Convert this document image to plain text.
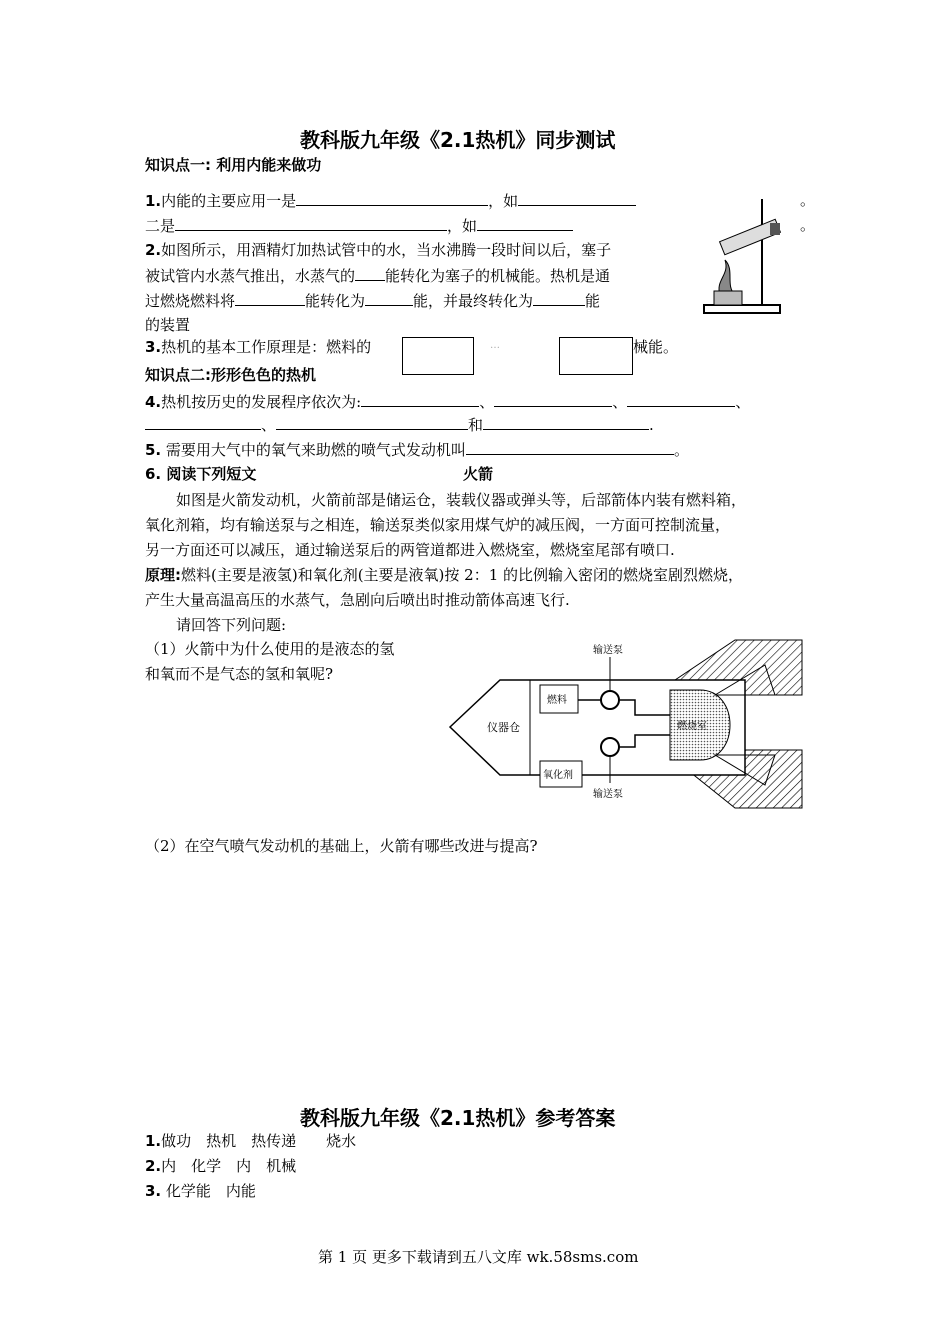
教科版九年级《2.1热机》同步测试
知识点一: 利用内能来做功
1.内能的主要应用一是	，如	。
二是	，如	。
2.如图所示，用酒精灯加热试管中的水，当水沸腾一段时间以后，塞子
被试管内水蒸气推出，水蒸气的 能转化为塞子的机械能。热机是通
过燃烧燃料将	能转化为	能，并最终转化为	能
的装置
3.热机的基本工作原理是：燃料的	…	械能。
知识点二:形形色色的热机
4.热机按历史的发展程序依次为:	、	、	、
、	和	.
5. 需要用大气中的氧气来助燃的喷气式发动机叫	。
6. 阅读下列短文	火箭
如图是火箭发动机，火箭前部是储运仓，装载仪器或弹头等，后部箭体内装有燃料箱，
氧化剂箱，均有输送泵与之相连，输送泵类似家用煤气炉的减压阀，一方面可控制流量，
另一方面还可以减压，通过输送泵后的两管道都进入燃烧室，燃烧室尾部有喷口.
原理:燃料(主要是液氢)和氧化剂(主要是液氧)按 2：1 的比例输入密闭的燃烧室剧烈燃烧，
产生大量高温高压的水蒸气，急剧向后喷出时推动箭体高速飞行.
请回答下列问题:
（1）火箭中为什么使用的是液态的氢
和氧而不是气态的氢和氧呢?
输送泵
燃料
仪器仓	燃烧室
氧化剂
输送泵
（2）在空气喷气发动机的基础上，火箭有哪些改进与提高?
教科版九年级《2.1热机》参考答案
1.做功　热机　热传递　　烧水
2.内　化学　内　机械
3. 化学能　内能
第 1 页 更多下载请到五八文库 wk.58sms.com
